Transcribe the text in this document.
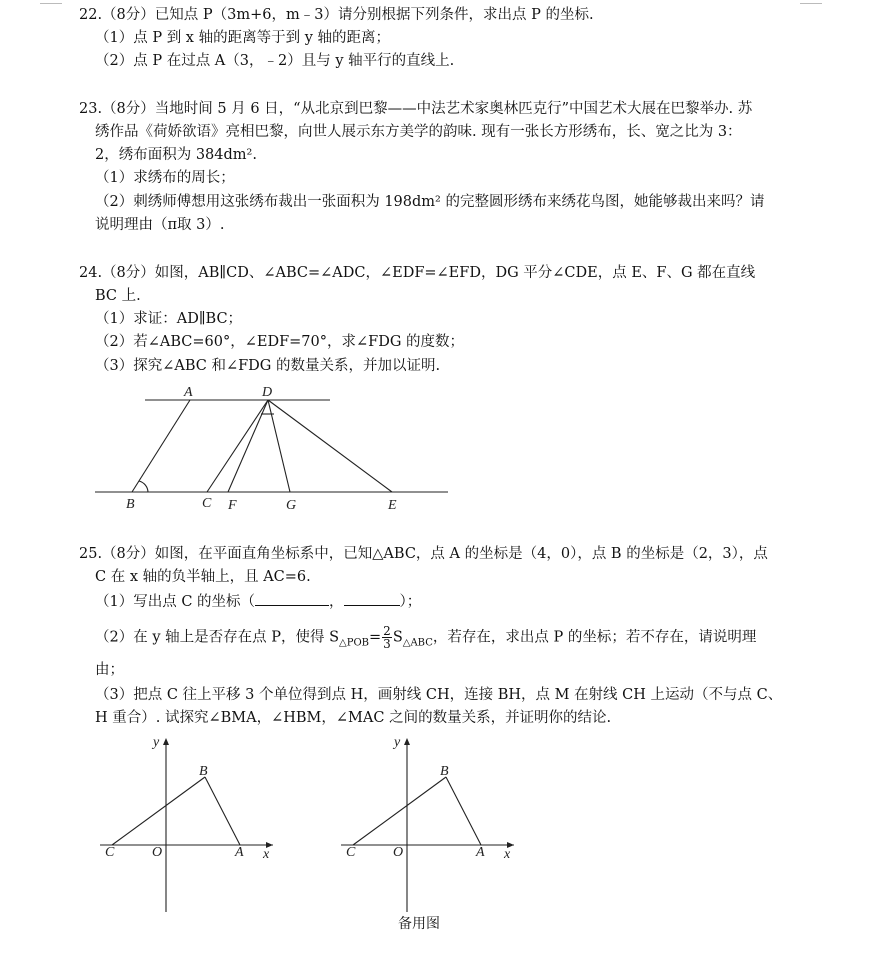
22.（8分）已知点 P（3m+6，m﹣3）请分别根据下列条件，求出点 P 的坐标.
（1）点 P 到 x 轴的距离等于到 y 轴的距离；
（2）点 P 在过点 A（3，﹣2）且与 y 轴平行的直线上.
23.（8分）当地时间 5 月 6 日，“从北京到巴黎——中法艺术家奥林匹克行”中国艺术大展在巴黎举办. 苏
绣作品《荷娇欲语》亮相巴黎，向世人展示东方美学的韵味. 现有一张长方形绣布，长、宽之比为 3：
2，绣布面积为 384dm².
（1）求绣布的周长；
（2）刺绣师傅想用这张绣布裁出一张面积为 198dm² 的完整圆形绣布来绣花鸟图，她能够裁出来吗？请
说明理由（π取 3）.
24.（8分）如图，AB∥CD、∠ABC=∠ADC，∠EDF=∠EFD，DG 平分∠CDE，点 E、F、G 都在直线
BC 上.
（1）求证：AD∥BC；
（2）若∠ABC=60°，∠EDF=70°，求∠FDG 的度数；
（3）探究∠ABC 和∠FDG 的数量关系，并加以证明.
A	D
B	C F	G	E
25.（8分）如图，在平面直角坐标系中，已知△ABC，点 A 的坐标是（4，0），点 B 的坐标是（2，3），点
C 在 x 轴的负半轴上，且 AC=6.
（1）写出点 C 的坐标（	，	）；
（2）在 y 轴上是否存在点 P，使得 $S_{\triangle POB}= \frac{2}{3} S_{\triangle ABC}$，若存在，求出点 P 的坐标；若不存在，请说明理
由；
（3）把点 C 往上平移 3 个单位得到点 H，画射线 CH，连接 BH，点 M 在射线 CH 上运动（不与点 C、
H 重合）. 试探究∠BMA，∠HBM，∠MAC 之间的数量关系，并证明你的结论.
y
x
B
C	O	A
y
x
B
C	O	A
备用图
